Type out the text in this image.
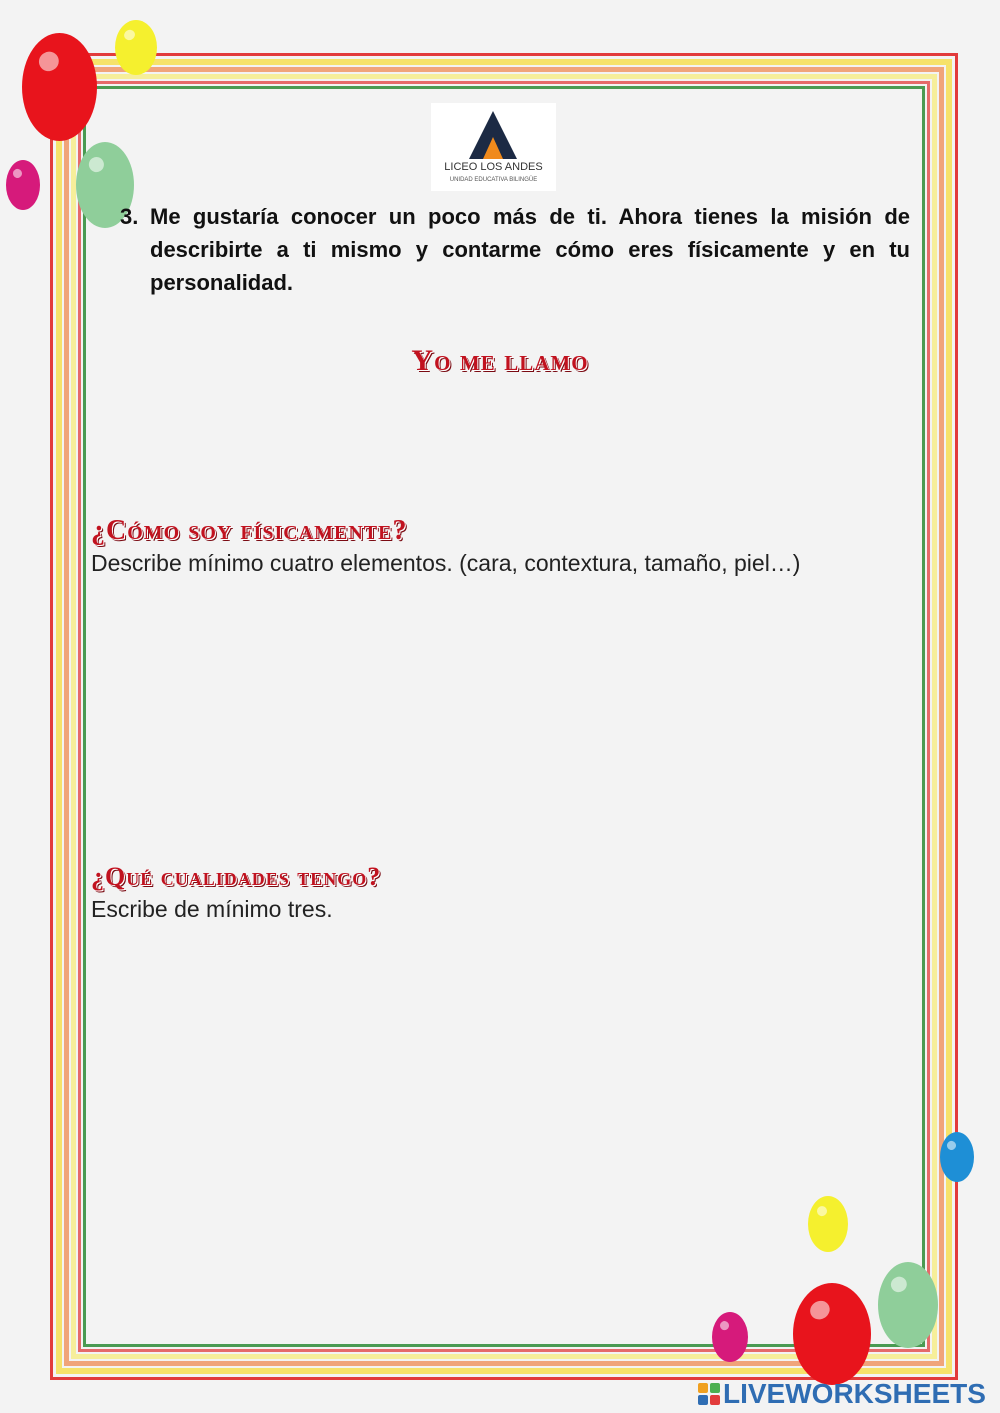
LICEO LOS ANDES
UNIDAD EDUCATIVA BILINGÜE
3. Me gustaría conocer un poco más de ti. Ahora tienes la misión de describirte a ti mismo y contarme cómo eres físicamente y en tu personalidad.
Yo me llamo
¿Cómo soy físicamente?
Describe mínimo cuatro elementos. (cara, contextura, tamaño, piel…)
¿Qué cualidades tengo?
Escribe de mínimo tres.
LIVEWORKSHEETS
